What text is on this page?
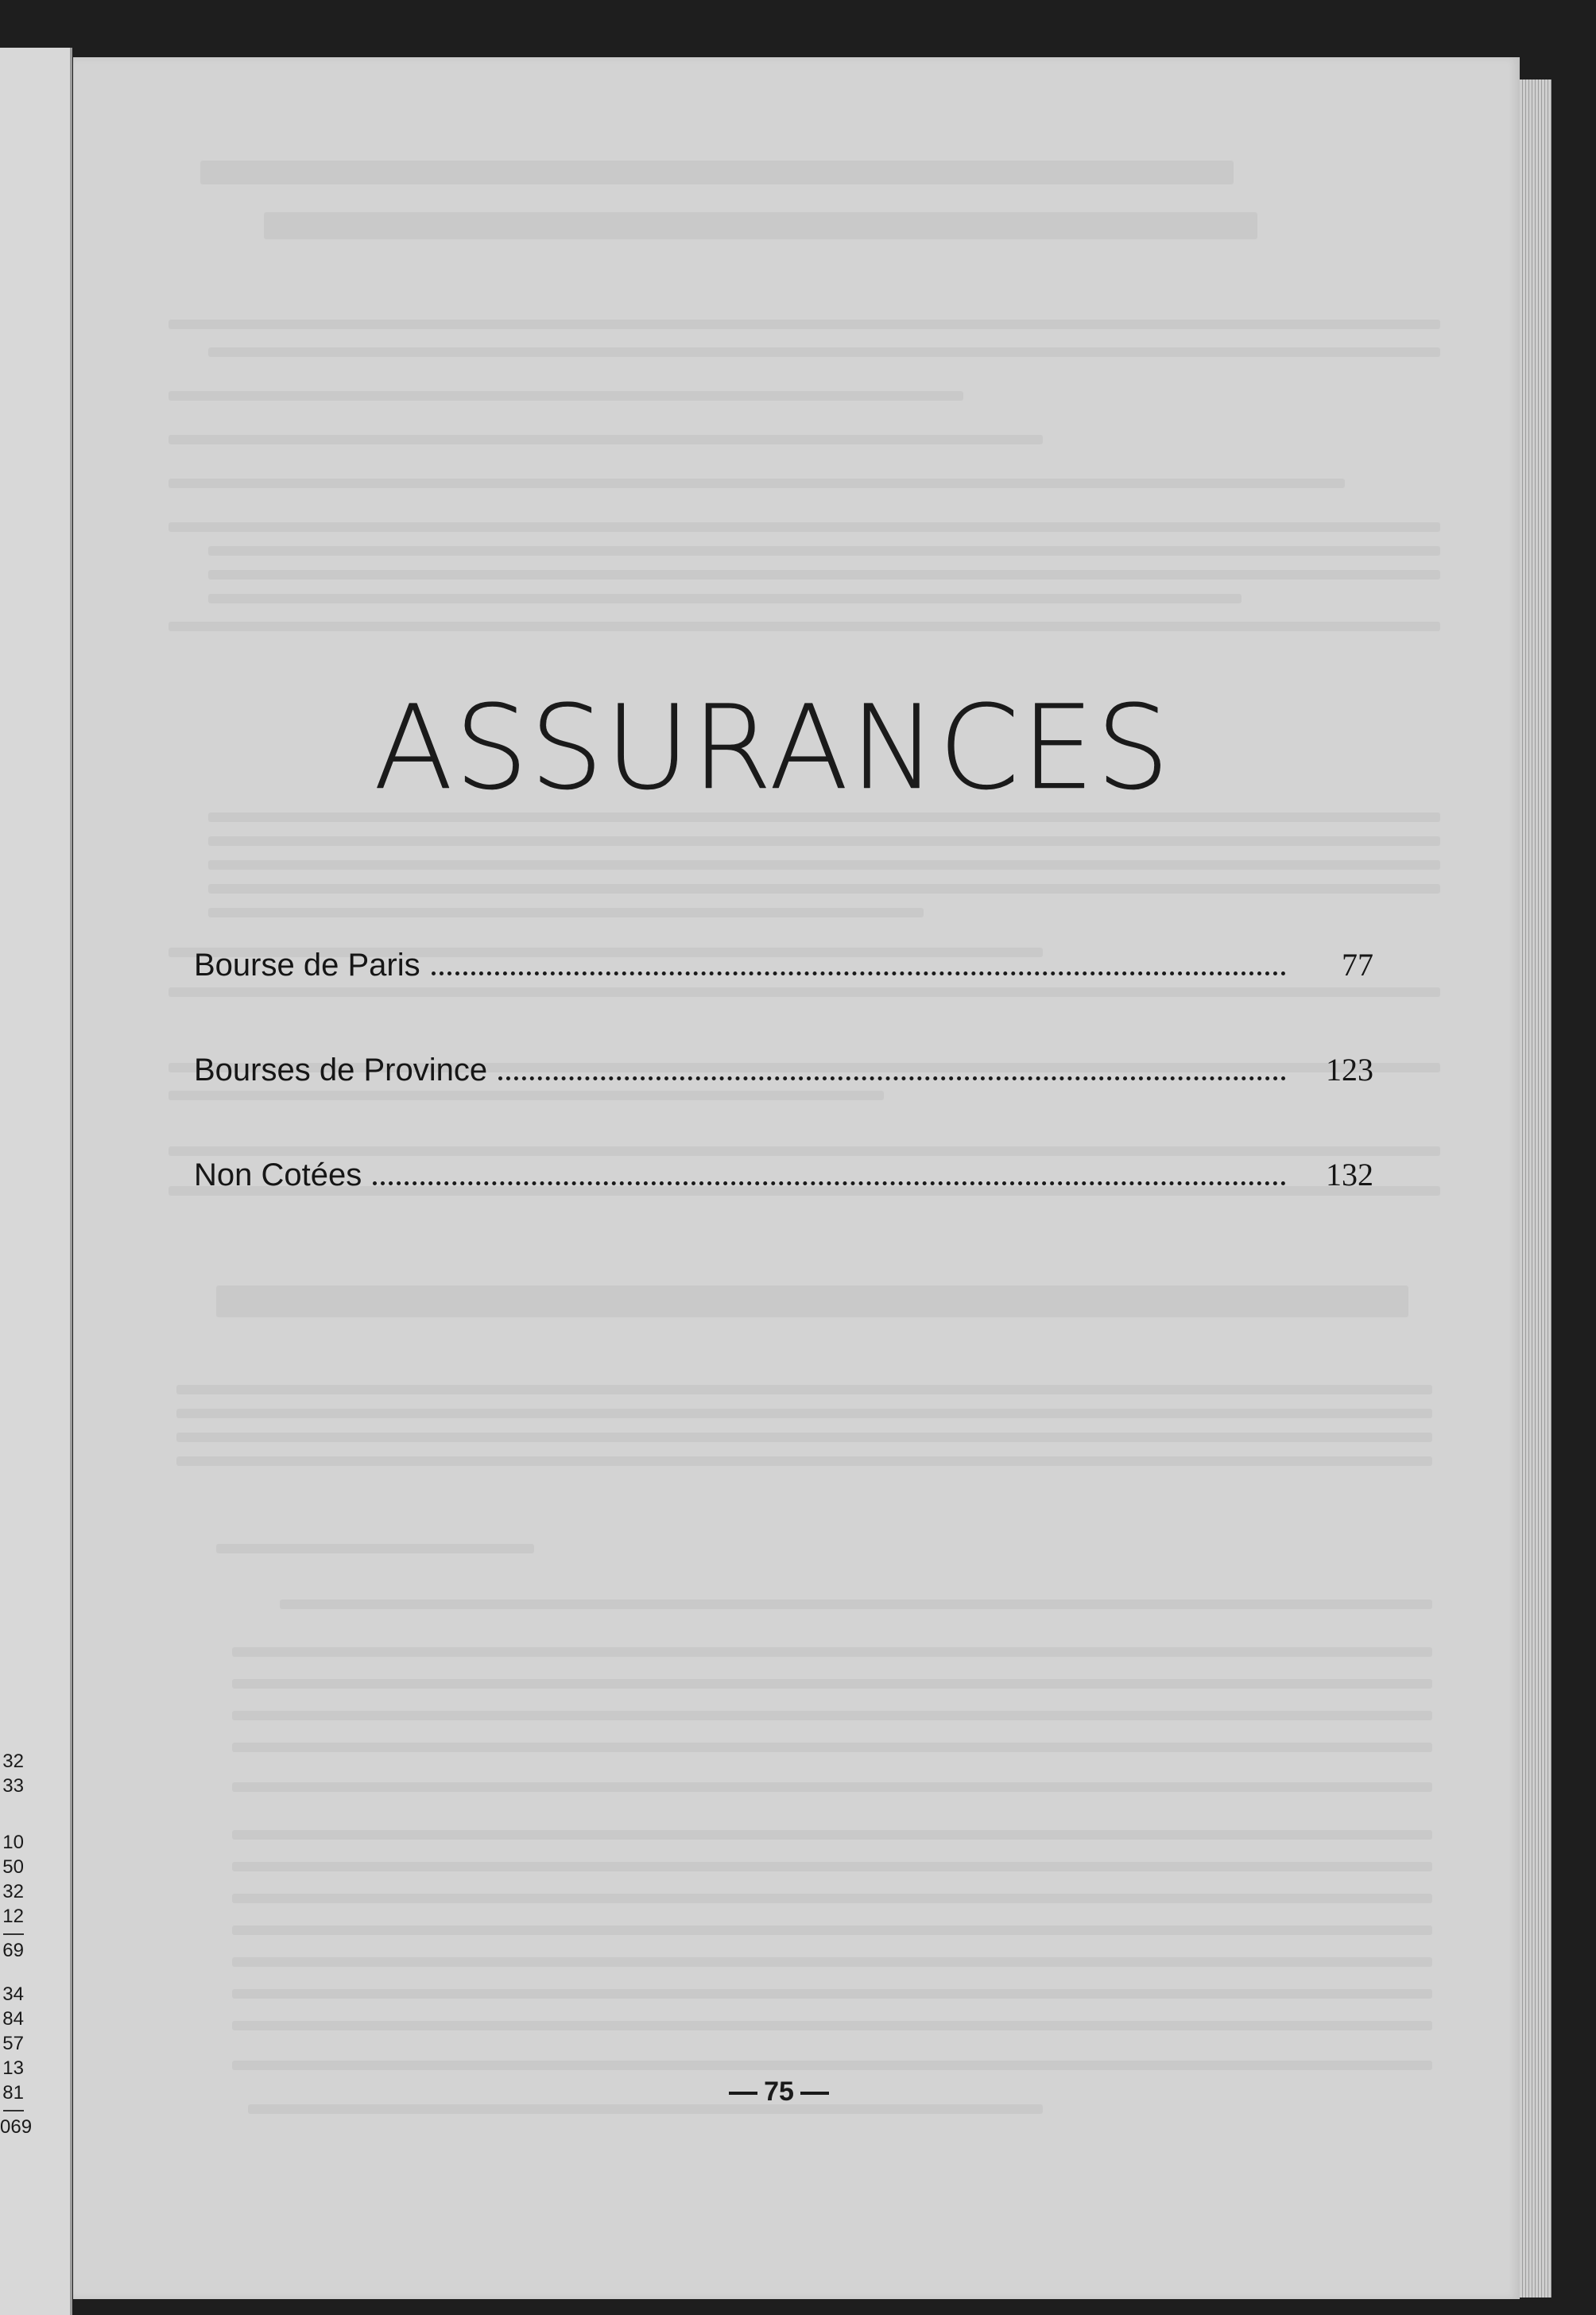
32
33
10
50
32
12
69
34
84
57
13
81
069
ASSURANCES
Bourse de Paris	77
Bourses de Province	123
Non Cotées	132
75
